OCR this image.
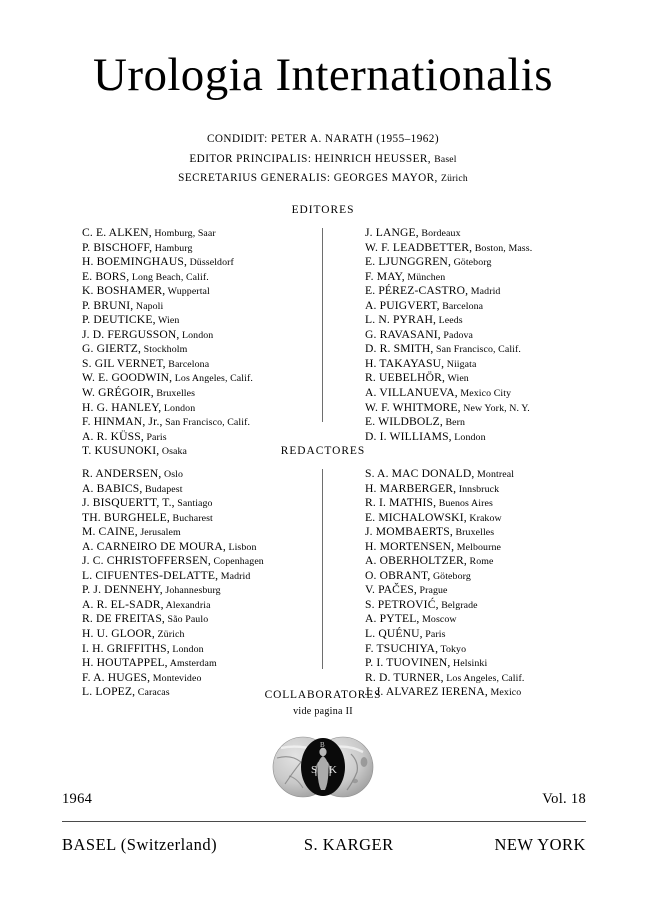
Urologia Internationalis
CONDIDIT: PETER A. NARATH (1955–1962)
EDITOR PRINCIPALIS: HEINRICH HEUSSER, Basel
SECRETARIUS GENERALIS: GEORGES MAYOR, Zürich
EDITORES
C. E. ALKEN, Homburg, Saar
P. BISCHOFF, Hamburg
H. BOEMINGHAUS, Düsseldorf
E. BORS, Long Beach, Calif.
K. BOSHAMER, Wuppertal
P. BRUNI, Napoli
P. DEUTICKE, Wien
J. D. FERGUSSON, London
G. GIERTZ, Stockholm
S. GIL VERNET, Barcelona
W. E. GOODWIN, Los Angeles, Calif.
W. GRÉGOIR, Bruxelles
H. G. HANLEY, London
F. HINMAN, Jr., San Francisco, Calif.
A. R. KÜSS, Paris
T. KUSUNOKI, Osaka
J. LANGE, Bordeaux
W. F. LEADBETTER, Boston, Mass.
E. LJUNGGREN, Göteborg
F. MAY, München
E. PÉREZ-CASTRO, Madrid
A. PUIGVERT, Barcelona
L. N. PYRAH, Leeds
G. RAVASANI, Padova
D. R. SMITH, San Francisco, Calif.
H. TAKAYASU, Niigata
R. UEBELHÖR, Wien
A. VILLANUEVA, Mexico City
W. F. WHITMORE, New York, N. Y.
E. WILDBOLZ, Bern
D. I. WILLIAMS, London
REDACTORES
R. ANDERSEN, Oslo
A. BABICS, Budapest
J. BISQUERTT, T., Santiago
TH. BURGHELE, Bucharest
M. CAINE, Jerusalem
A. CARNEIRO DE MOURA, Lisbon
J. C. CHRISTOFFERSEN, Copenhagen
L. CIFUENTES-DELATTE, Madrid
P. J. DENNEHY, Johannesburg
A. R. EL-SADR, Alexandria
R. DE FREITAS, São Paulo
H. U. GLOOR, Zürich
I. H. GRIFFITHS, London
H. HOUTAPPEL, Amsterdam
F. A. HUGES, Montevideo
L. LOPEZ, Caracas
S. A. MAC DONALD, Montreal
H. MARBERGER, Innsbruck
R. I. MATHIS, Buenos Aires
E. MICHALOWSKI, Krakow
J. MOMBAERTS, Bruxelles
H. MORTENSEN, Melbourne
A. OBERHOLTZER, Rome
O. OBRANT, Göteborg
V. PAČES, Prague
S. PETROVIĆ, Belgrade
A. PYTEL, Moscow
L. QUÉNU, Paris
F. TSUCHIYA, Tokyo
P. I. TUOVINEN, Helsinki
R. D. TURNER, Los Angeles, Calif.
J. J. ALVAREZ IERENA, Mexico
COLLABORATORES
vide pagina II
S K
B
1964	Vol. 18
BASEL (Switzerland)	S. KARGER	NEW YORK
